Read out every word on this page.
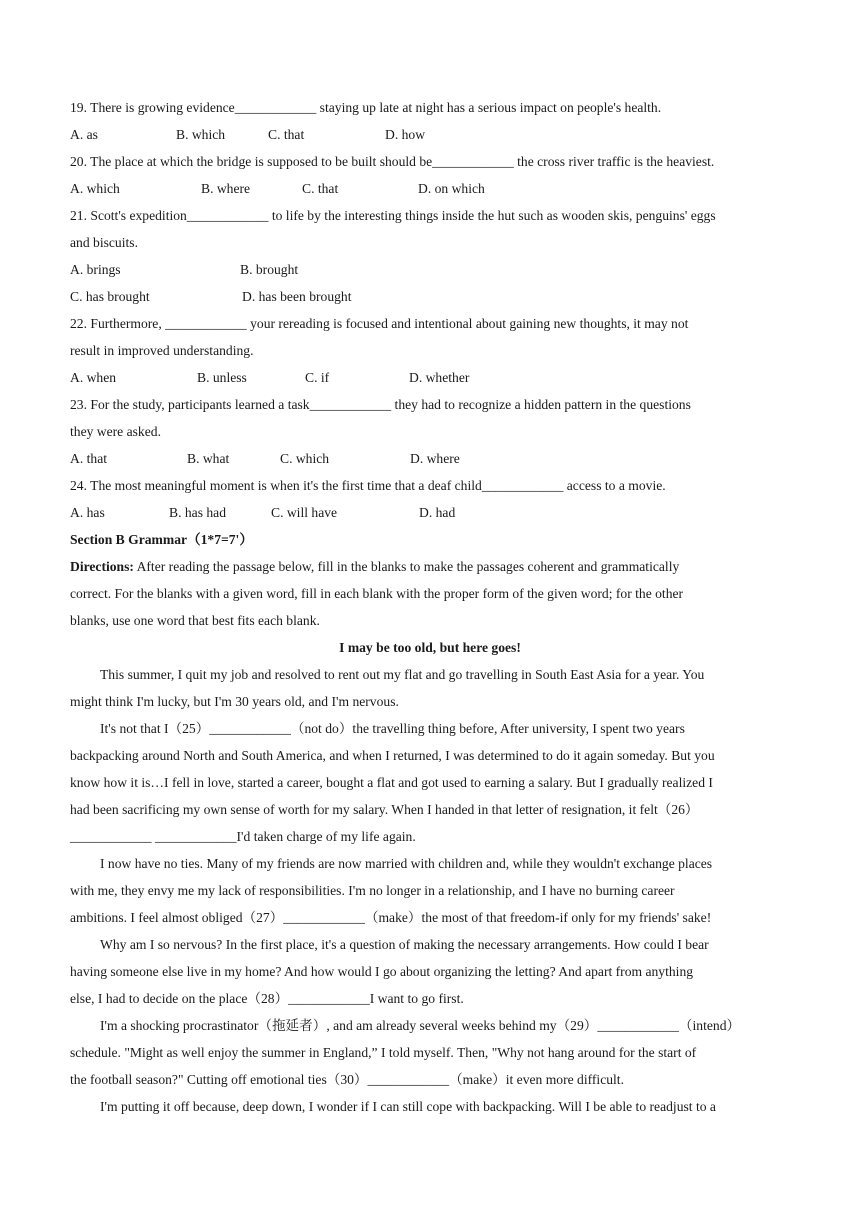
19. There is growing evidence____________ staying up late at night has a serious impact on people's health.
A. as	B. which	C. that	D. how
20. The place at which the bridge is supposed to be built should be____________ the cross river traffic is the heaviest.
A. which	B. where	C. that	D. on which
21. Scott's expedition____________ to life by the interesting things inside the hut such as wooden skis, penguins' eggs
and biscuits.
A. brings	B. brought
C. has brought	D. has been brought
22. Furthermore, ____________ your rereading is focused and intentional about gaining new thoughts, it may not
result in improved understanding.
A. when	B. unless	C. if	D. whether
23. For the study, participants learned a task____________ they had to recognize a hidden pattern in the questions
they were asked.
A. that	B. what	C. which	D. where
24. The most meaningful moment is when it's the first time that a deaf child____________ access to a movie.
A. has	B. has had	C. will have	D. had
Section B Grammar（1*7=7'）
Directions: After reading the passage below, fill in the blanks to make the passages coherent and grammatically
correct. For the blanks with a given word, fill in each blank with the proper form of the given word; for the other
blanks, use one word that best fits each blank.
I may be too old, but here goes!
This summer, I quit my job and resolved to rent out my flat and go travelling in South East Asia for a year. You
might think I'm lucky, but I'm 30 years old, and I'm nervous.
It's not that I（25）____________（not do）the travelling thing before, After university, I spent two years
backpacking around North and South America, and when I returned, I was determined to do it again someday. But you
know how it is…I fell in love, started a career, bought a flat and got used to earning a salary. But I gradually realized I
had been sacrificing my own sense of worth for my salary. When I handed in that letter of resignation, it felt（26）
____________ ____________I'd taken charge of my life again.
I now have no ties. Many of my friends are now married with children and, while they wouldn't exchange places
with me, they envy me my lack of responsibilities. I'm no longer in a relationship, and I have no burning career
ambitions. I feel almost obliged（27）____________（make）the most of that freedom-if only for my friends' sake!
Why am I so nervous? In the first place, it's a question of making the necessary arrangements. How could I bear
having someone else live in my home? And how would I go about organizing the letting? And apart from anything
else, I had to decide on the place（28）____________I want to go first.
I'm a shocking procrastinator（拖延者）, and am already several weeks behind my（29）____________（intend）
schedule. "Might as well enjoy the summer in England,” I told myself. Then, "Why not hang around for the start of
the football season?" Cutting off emotional ties（30）____________（make）it even more difficult.
I'm putting it off because, deep down, I wonder if I can still cope with backpacking. Will I be able to readjust to a
